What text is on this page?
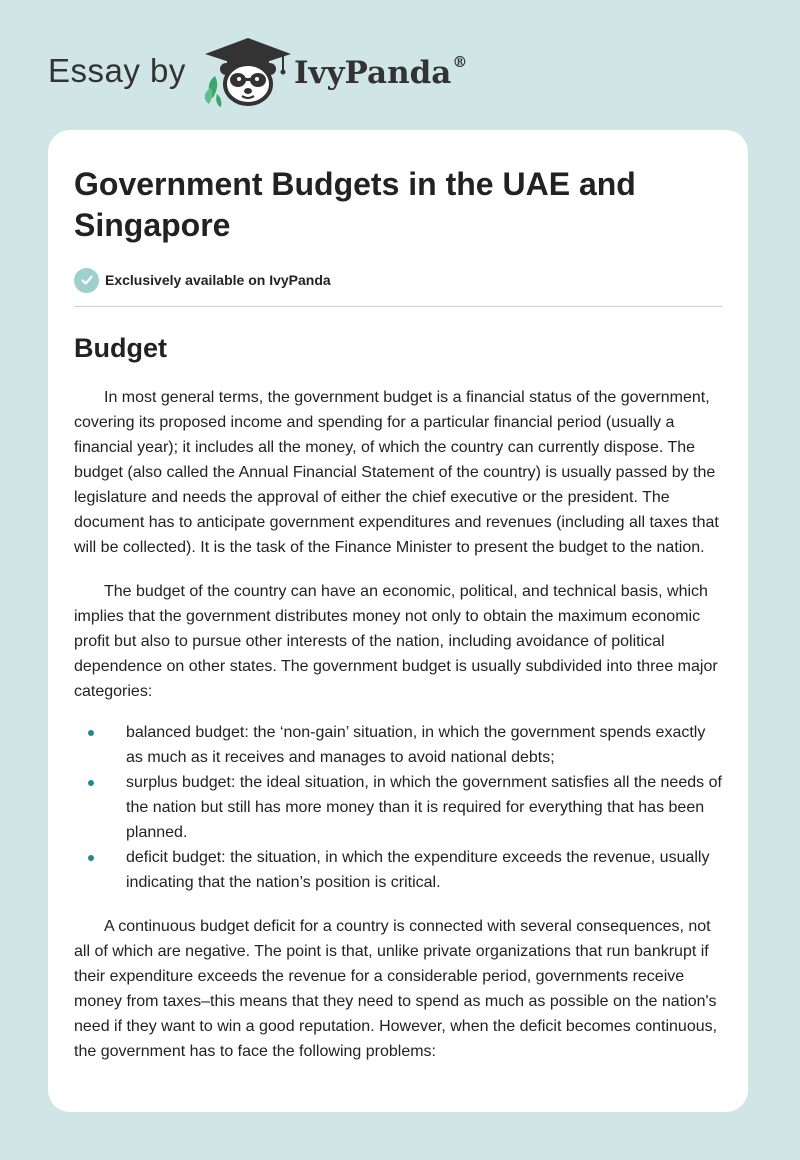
Essay by	IvyPanda®
Government Budgets in the UAE and Singapore
Exclusively available on IvyPanda
Budget

In most general terms, the government budget is a financial status of the government, covering its proposed income and spending for a particular financial period (usually a financial year); it includes all the money, of which the country can currently dispose. The budget (also called the Annual Financial Statement of the country) is usually passed by the legislature and needs the approval of either the chief executive or the president. The document has to anticipate government expenditures and revenues (including all taxes that will be collected). It is the task of the Finance Minister to present the budget to the nation.

The budget of the country can have an economic, political, and technical basis, which implies that the government distributes money not only to obtain the maximum economic profit but also to pursue other interests of the nation, including avoidance of political dependence on other states. The government budget is usually subdivided into three major categories:

balanced budget: the ‘non-gain’ situation, in which the government spends exactly as much as it receives and manages to avoid national debts;
surplus budget: the ideal situation, in which the government satisfies all the needs of the nation but still has more money than it is required for everything that has been planned.
deficit budget: the situation, in which the expenditure exceeds the revenue, usually indicating that the nation’s position is critical.

A continuous budget deficit for a country is connected with several consequences, not all of which are negative. The point is that, unlike private organizations that run bankrupt if their expenditure exceeds the revenue for a considerable period, governments receive money from taxes–this means that they need to spend as much as possible on the nation's need if they want to win a good reputation. However, when the deficit becomes continuous, the government has to face the following problems:
